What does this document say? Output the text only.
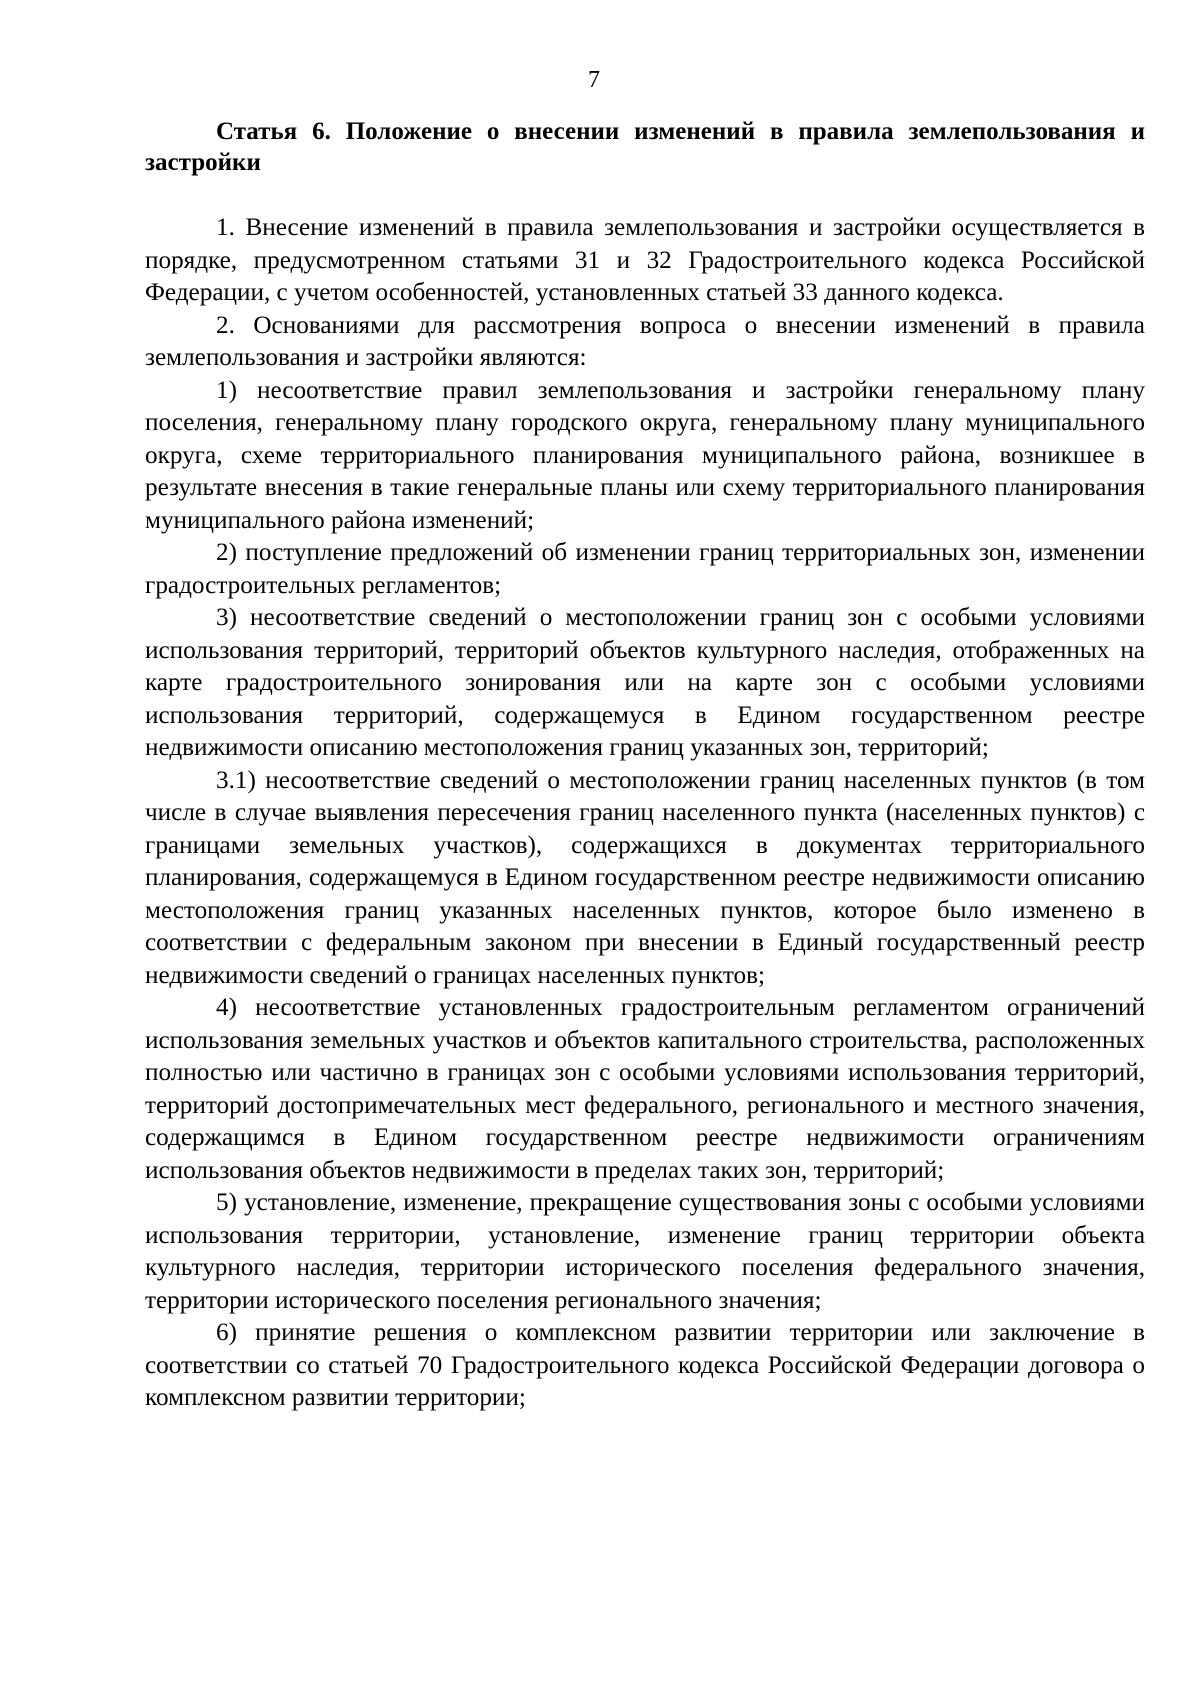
7
Статья 6. Положение о внесении изменений в правила землепользования и застройки

1. Внесение изменений в правила землепользования и застройки осуществляется в порядке, предусмотренном статьями 31 и 32 Градостроительного кодекса Российской Федерации, с учетом особенностей, установленных статьей 33 данного кодекса.

2. Основаниями для рассмотрения вопроса о внесении изменений в правила землепользования и застройки являются:

1) несоответствие правил землепользования и застройки генеральному плану поселения, генеральному плану городского округа, генеральному плану муниципального округа, схеме территориального планирования муниципального района, возникшее в результате внесения в такие генеральные планы или схему территориального планирования муниципального района изменений;

2) поступление предложений об изменении границ территориальных зон, изменении градостроительных регламентов;

3) несоответствие сведений о местоположении границ зон с особыми условиями использования территорий, территорий объектов культурного наследия, отображенных на карте градостроительного зонирования или на карте зон с особыми условиями использования территорий, содержащемуся в Едином государственном реестре недвижимости описанию местоположения границ указанных зон, территорий;

3.1) несоответствие сведений о местоположении границ населенных пунктов (в том числе в случае выявления пересечения границ населенного пункта (населенных пунктов) с границами земельных участков), содержащихся в документах территориального планирования, содержащемуся в Едином государственном реестре недвижимости описанию местоположения границ указанных населенных пунктов, которое было изменено в соответствии с федеральным законом при внесении в Единый государственный реестр недвижимости сведений о границах населенных пунктов;

4) несоответствие установленных градостроительным регламентом ограничений использования земельных участков и объектов капитального строительства, расположенных полностью или частично в границах зон с особыми условиями использования территорий, территорий достопримечательных мест федерального, регионального и местного значения, содержащимся в Едином государственном реестре недвижимости ограничениям использования объектов недвижимости в пределах таких зон, территорий;

5) установление, изменение, прекращение существования зоны с особыми условиями использования территории, установление, изменение границ территории объекта культурного наследия, территории исторического поселения федерального значения, территории исторического поселения регионального значения;

6) принятие решения о комплексном развитии территории или заключение в соответствии со статьей 70 Градостроительного кодекса Российской Федерации договора о комплексном развитии территории;
